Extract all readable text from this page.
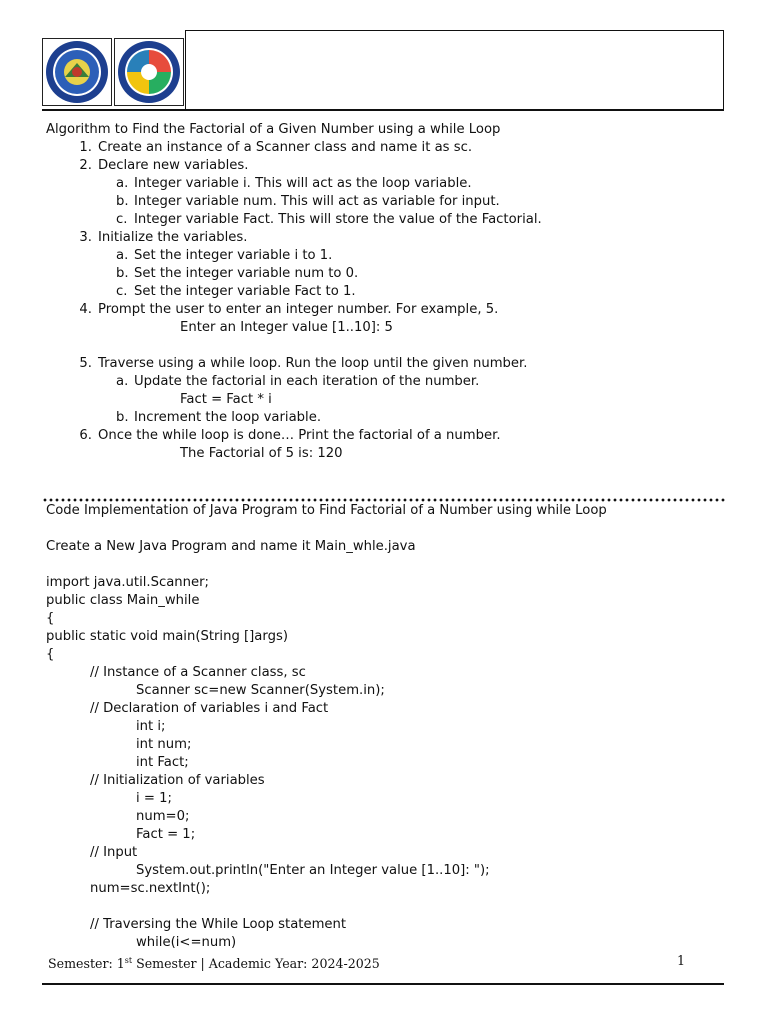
Algorithm to Find the Factorial of a Given Number using a while Loop
1. Create an instance of a Scanner class and name it as sc.
2. Declare new variables.
a. Integer variable i. This will act as the loop variable.
b. Integer variable num. This will act as variable for input.
c. Integer variable Fact. This will store the value of the Factorial.
3. Initialize the variables.
a. Set the integer variable i to 1.
b. Set the integer variable num to 0.
c. Set the integer variable Fact to 1.
4. Prompt the user to enter an integer number. For example, 5.
Enter an Integer value [1..10]: 5
5. Traverse using a while loop. Run the loop until the given number.
a. Update the factorial in each iteration of the number.
Fact = Fact * i
b. Increment the loop variable.
6. Once the while loop is done… Print the factorial of a number.
The Factorial of 5 is: 120
Code Implementation of Java Program to Find Factorial of a Number using while Loop
Create a New Java Program and name it Main_whle.java
import java.util.Scanner;
public class Main_while
{
public static void main(String []args)
{
// Instance of a Scanner class, sc
Scanner sc=new Scanner(System.in);
// Declaration of variables i and Fact
int i;
int num;
int Fact;
// Initialization of variables
i = 1;
num=0;
Fact = 1;
// Input
System.out.println("Enter an Integer value [1..10]: ");
num=sc.nextInt();
// Traversing the While Loop statement
while(i<=num)
Semester: 1st Semester | Academic Year: 2024-2025	1
